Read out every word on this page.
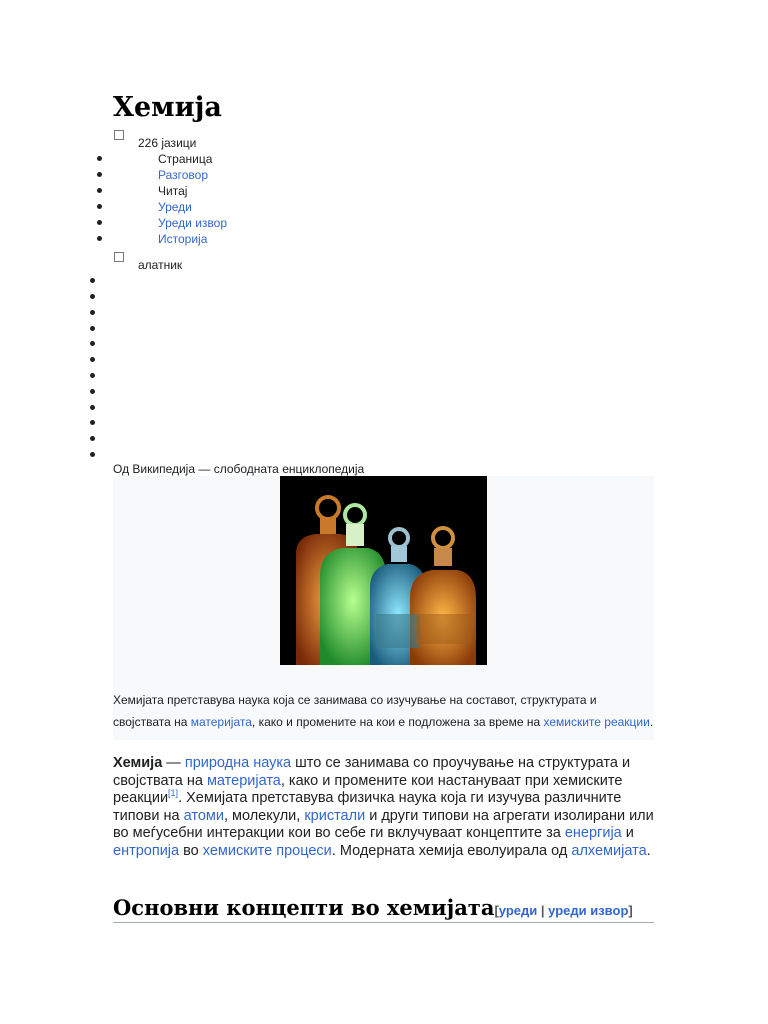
Хемија
226 јазици
Страница
Разговор
Читај
Уреди
Уреди извор
Историја
алатник
Од Википедија — слободната енциклопедија
Хемијата претставува наука која се занимава со изучување на составот, структурата и
својствата на материјата, како и промените на кои е подложена за време на хемиските реакции.
Хемија — природна наука што се занимава со проучување на структурата и својствата на материјата, како и промените кои настануваат при хемиските реакции[1]. Хемијата претставува физичка наука која ги изучува различните типови на атоми, молекули, кристали и други типови на агрегати изолирани или во меѓусебни интеракции кои во себе ги вклучуваат концептите за енергија и ентропија во хемиските процеси. Модерната хемија еволуирала од алхемијата.
Основни концепти во хемијата[уреди | уреди извор]
